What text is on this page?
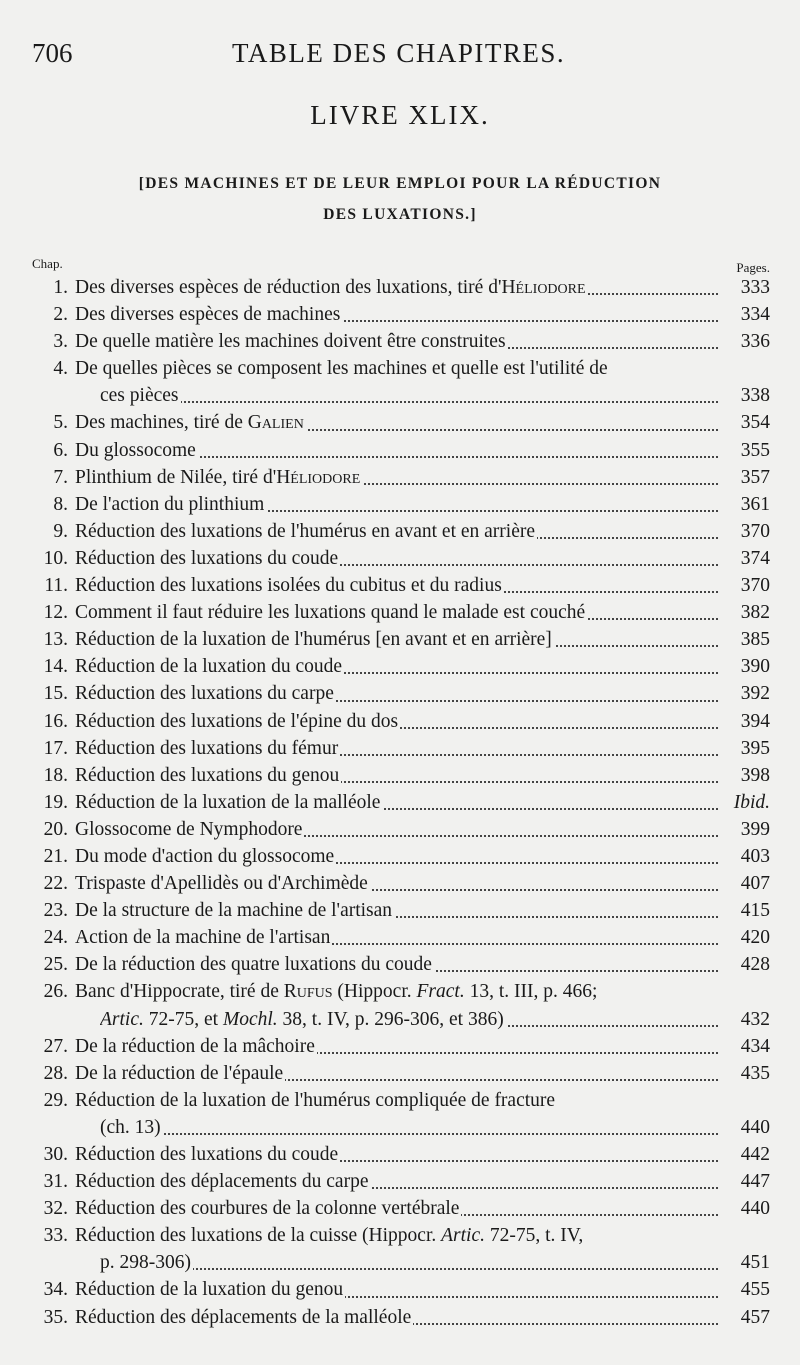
706	TABLE DES CHAPITRES.
LIVRE XLIX.
[DES MACHINES ET DE LEUR EMPLOI POUR LA RÉDUCTION
DES LUXATIONS.]
Chap.	Pages.
1. Des diverses espèces de réduction des luxations, tiré d'Héliodore	333
2. Des diverses espèces de machines	334
3. De quelle matière les machines doivent être construites	336
4. De quelles pièces se composent les machines et quelle est l'utilité de
ces pièces	338
5. Des machines, tiré de Galien	354
6. Du glossocome	355
7. Plinthium de Nilée, tiré d'Héliodore	357
8. De l'action du plinthium	361
9. Réduction des luxations de l'humérus en avant et en arrière	370
10. Réduction des luxations du coude	374
11. Réduction des luxations isolées du cubitus et du radius	370
12. Comment il faut réduire les luxations quand le malade est couché	382
13. Réduction de la luxation de l'humérus [en avant et en arrière]	385
14. Réduction de la luxation du coude	390
15. Réduction des luxations du carpe	392
16. Réduction des luxations de l'épine du dos	394
17. Réduction des luxations du fémur	395
18. Réduction des luxations du genou	398
19. Réduction de la luxation de la malléole	Ibid.
20. Glossocome de Nymphodore	399
21. Du mode d'action du glossocome	403
22. Trispaste d'Apellidès ou d'Archimède	407
23. De la structure de la machine de l'artisan	415
24. Action de la machine de l'artisan	420
25. De la réduction des quatre luxations du coude	428
26. Banc d'Hippocrate, tiré de Rufus (Hippocr. Fract. 13, t. III, p. 466;
Artic. 72-75, et Mochl. 38, t. IV, p. 296-306, et 386)	432
27. De la réduction de la mâchoire	434
28. De la réduction de l'épaule	435
29. Réduction de la luxation de l'humérus compliquée de fracture
(ch. 13)	440
30. Réduction des luxations du coude	442
31. Réduction des déplacements du carpe	447
32. Réduction des courbures de la colonne vertébrale	440
33. Réduction des luxations de la cuisse (Hippocr. Artic. 72-75, t. IV,
p. 298-306)	451
34. Réduction de la luxation du genou	455
35. Réduction des déplacements de la malléole	457
